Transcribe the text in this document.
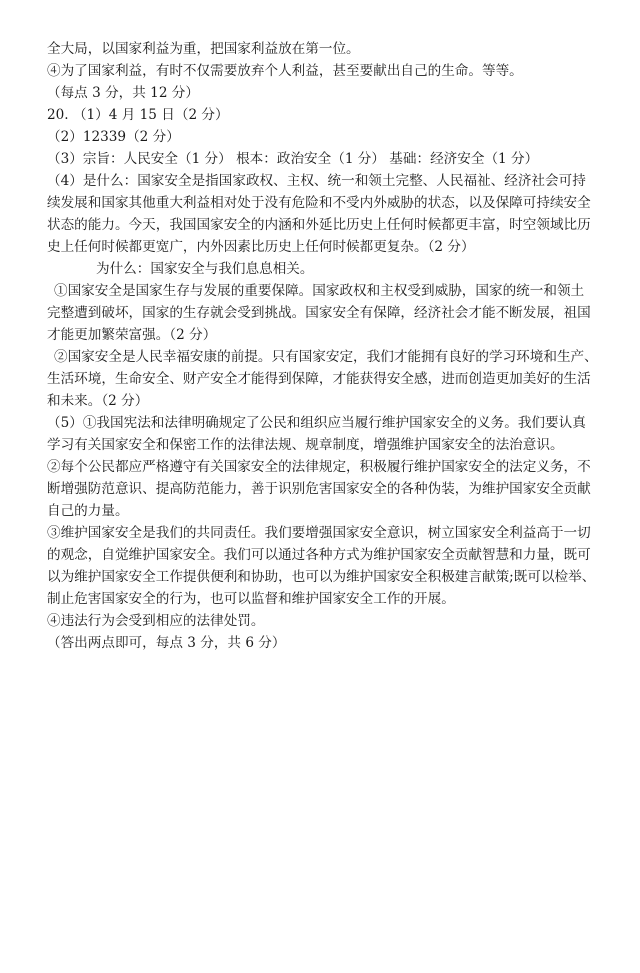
全大局，以国家利益为重，把国家利益放在第一位。
④为了国家利益，有时不仅需要放弃个人利益，甚至要献出自己的生命。等等。
（每点 3 分，共 12 分）
20. （1）4 月 15 日（2 分）
（2）12339（2 分）
（3）宗旨：人民安全（1 分） 根本：政治安全（1 分） 基础：经济安全（1 分）
（4）是什么：国家安全是指国家政权、主权、统一和领土完整、人民福祉、经济社会可持
续发展和国家其他重大利益相对处于没有危险和不受内外威胁的状态，以及保障可持续安全
状态的能力。今天，我国国家安全的内涵和外延比历史上任何时候都更丰富，时空领域比历
史上任何时候都更宽广，内外因素比历史上任何时候都更复杂。（2 分）
为什么：国家安全与我们息息相关。
①国家安全是国家生存与发展的重要保障。国家政权和主权受到威胁，国家的统一和领土
完整遭到破坏，国家的生存就会受到挑战。国家安全有保障，经济社会才能不断发展，祖国
才能更加繁荣富强。（2 分）
②国家安全是人民幸福安康的前提。只有国家安定，我们才能拥有良好的学习环境和生产、
生活环境，生命安全、财产安全才能得到保障，才能获得安全感，进而创造更加美好的生活
和未来。（2 分）
（5）①我国宪法和法律明确规定了公民和组织应当履行维护国家安全的义务。我们要认真
学习有关国家安全和保密工作的法律法规、规章制度，增强维护国家安全的法治意识。
②每个公民都应严格遵守有关国家安全的法律规定，积极履行维护国家安全的法定义务，不
断增强防范意识、提高防范能力，善于识别危害国家安全的各种伪装，为维护国家安全贡献
自己的力量。
③维护国家安全是我们的共同责任。我们要增强国家安全意识，树立国家安全利益高于一切
的观念，自觉维护国家安全。我们可以通过各种方式为维护国家安全贡献智慧和力量，既可
以为维护国家安全工作提供便利和协助，也可以为维护国家安全积极建言献策;既可以检举、
制止危害国家安全的行为，也可以监督和维护国家安全工作的开展。
④违法行为会受到相应的法律处罚。
（答出两点即可，每点 3 分，共 6 分）
